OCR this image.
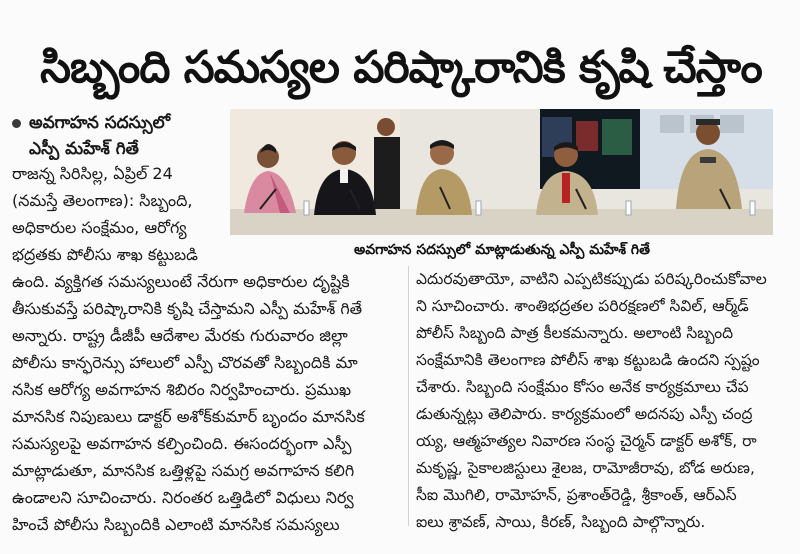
సిబ్బంది సమస్యల పరిష్కారానికి కృషి చేస్తాం
అవగాహన సదస్సులో
ఎస్పీ మహేశ్ గితే
అవగాహన సదస్సులో మాట్లాడుతున్న ఎస్పీ మహేశ్ గితే
రాజన్న సిరిసిల్ల, ఏప్రిల్ 24
(నమస్తే తెలంగాణ): సిబ్బంది,
అధికారుల సంక్షేమం, ఆరోగ్య
భద్రతకు పోలీసు శాఖ కట్టుబడి
ఉంది. వ్యక్తిగత సమస్యలుంటే నేరుగా అధికారుల దృష్టికి
తీసుకువస్తే పరిష్కారానికి కృషి చేస్తామని ఎస్పీ మహేశ్ గితే
అన్నారు. రాష్ట్ర డీజీపీ ఆదేశాల మేరకు గురువారం జిల్లా
పోలీసు కాన్ఫరెన్సు హాలులో ఎస్పీ చొరవతో సిబ్బందికి మా
నసిక ఆరోగ్య అవగాహన శిబిరం నిర్వహించారు. ప్రముఖ
మానసిక నిపుణులు డాక్టర్ అశోక్‌కుమార్ బృందం మానసిక
సమస్యలపై అవగాహన కల్పించింది. ఈసందర్భంగా ఎస్పీ
మాట్లాడుతూ, మానసిక ఒత్తిళ్లపై సమగ్ర అవగాహన కలిగి
ఉండాలని సూచించారు. నిరంతర ఒత్తిడిలో విధులు నిర్వ
హించే పోలీసు సిబ్బందికి ఎలాంటి మానసిక సమస్యలు
ఎదురవుతాయో, వాటిని ఎప్పటికప్పుడు పరిష్కరించుకోవాల
ని సూచించారు. శాంతిభద్రతల పరిరక్షణలో సివిల్, ఆర్మ్‌డ్
పోలీస్ సిబ్బంది పాత్ర కీలకమన్నారు. అలాంటి సిబ్బంది
సంక్షేమానికి తెలంగాణ పోలీస్ శాఖ కట్టుబడి ఉందని స్పష్టం
చేశారు. సిబ్బంది సంక్షేమం కోసం అనేక కార్యక్రమాలు చేప
డుతున్నట్లు తెలిపారు. కార్యక్రమంలో అదనపు ఎస్పీ చంద్ర
య్య, ఆత్మహత్యల నివారణ సంస్థ చైర్మన్ డాక్టర్ అశోక్, రా
మకృష్ణ, సైకాలజిస్టులు శైలజ, రామోజీరావు, బోడ అరుణ,
సీఐ మొగిలి, రామోహన్, ప్రశాంత్‌రెడ్డి, శ్రీకాంత్, ఆర్ఎస్
ఐలు శ్రావణ్, సాయి, కిరణ్, సిబ్బంది పాల్గొన్నారు.
